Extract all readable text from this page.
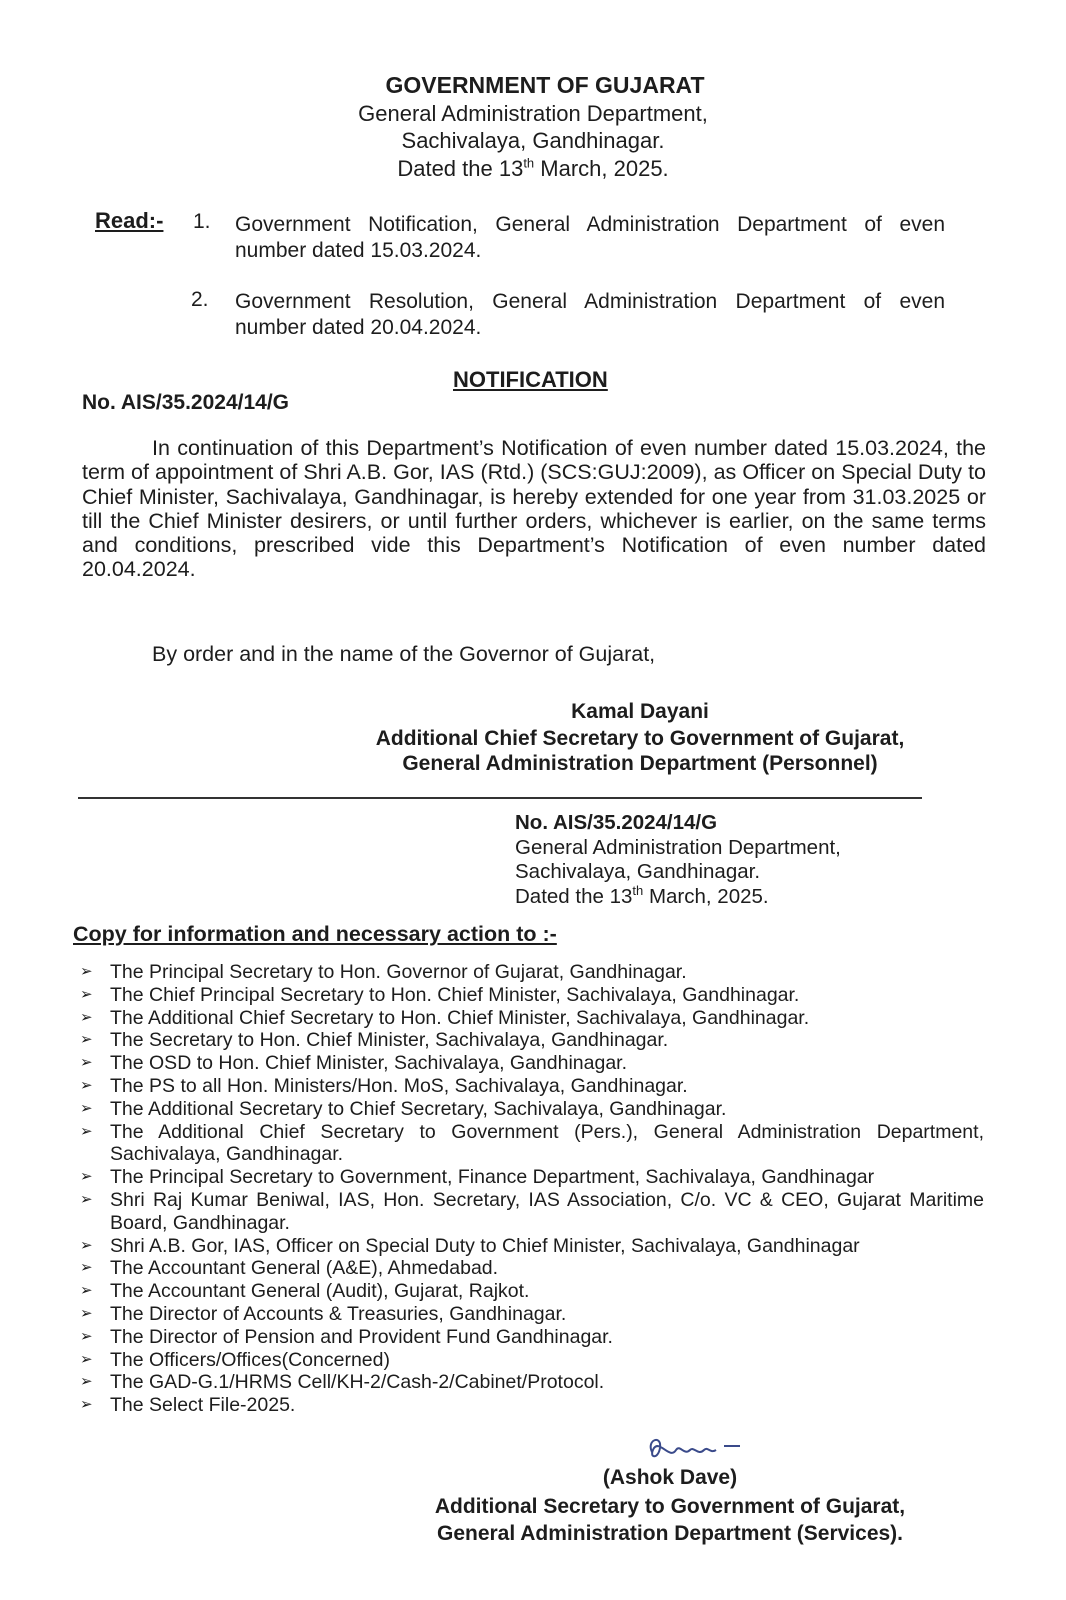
GOVERNMENT OF GUJARAT
General Administration Department,
Sachivalaya, Gandhinagar.
Dated the 13th March, 2025.
Read:- 1. Government Notification, General Administration Department of even number dated 15.03.2024.
2. Government Resolution, General Administration Department of even number dated 20.04.2024.
NOTIFICATION
No. AIS/35.2024/14/G
In continuation of this Department’s Notification of even number dated 15.03.2024, the term of appointment of Shri A.B. Gor, IAS (Rtd.) (SCS:GUJ:2009), as Officer on Special Duty to Chief Minister, Sachivalaya, Gandhinagar, is hereby extended for one year from 31.03.2025 or till the Chief Minister desirers, or until further orders, whichever is earlier, on the same terms and conditions, prescribed vide this Department’s Notification of even number dated 20.04.2024.
By order and in the name of the Governor of Gujarat,
Kamal Dayani
Additional Chief Secretary to Government of Gujarat,
General Administration Department (Personnel)
No. AIS/35.2024/14/G
General Administration Department,
Sachivalaya, Gandhinagar.
Dated the 13th March, 2025.
Copy for information and necessary action to :-
➢ The Principal Secretary to Hon. Governor of Gujarat, Gandhinagar.
➢ The Chief Principal Secretary to Hon. Chief Minister, Sachivalaya, Gandhinagar.
➢ The Additional Chief Secretary to Hon. Chief Minister, Sachivalaya, Gandhinagar.
➢ The Secretary to Hon. Chief Minister, Sachivalaya, Gandhinagar.
➢ The OSD to Hon. Chief Minister, Sachivalaya, Gandhinagar.
➢ The PS to all Hon. Ministers/Hon. MoS, Sachivalaya, Gandhinagar.
➢ The Additional Secretary to Chief Secretary, Sachivalaya, Gandhinagar.
➢ The Additional Chief Secretary to Government (Pers.), General Administration Department, Sachivalaya, Gandhinagar.
➢ The Principal Secretary to Government, Finance Department, Sachivalaya, Gandhinagar
➢ Shri Raj Kumar Beniwal, IAS, Hon. Secretary, IAS Association, C/o. VC & CEO, Gujarat Maritime Board, Gandhinagar.
➢ Shri A.B. Gor, IAS, Officer on Special Duty to Chief Minister, Sachivalaya, Gandhinagar
➢ The Accountant General (A&E), Ahmedabad.
➢ The Accountant General (Audit), Gujarat, Rajkot.
➢ The Director of Accounts & Treasuries, Gandhinagar.
➢ The Director of Pension and Provident Fund Gandhinagar.
➢ The Officers/Offices(Concerned)
➢ The GAD-G.1/HRMS Cell/KH-2/Cash-2/Cabinet/Protocol.
➢ The Select File-2025.
(Ashok Dave)
Additional Secretary to Government of Gujarat,
General Administration Department (Services).
